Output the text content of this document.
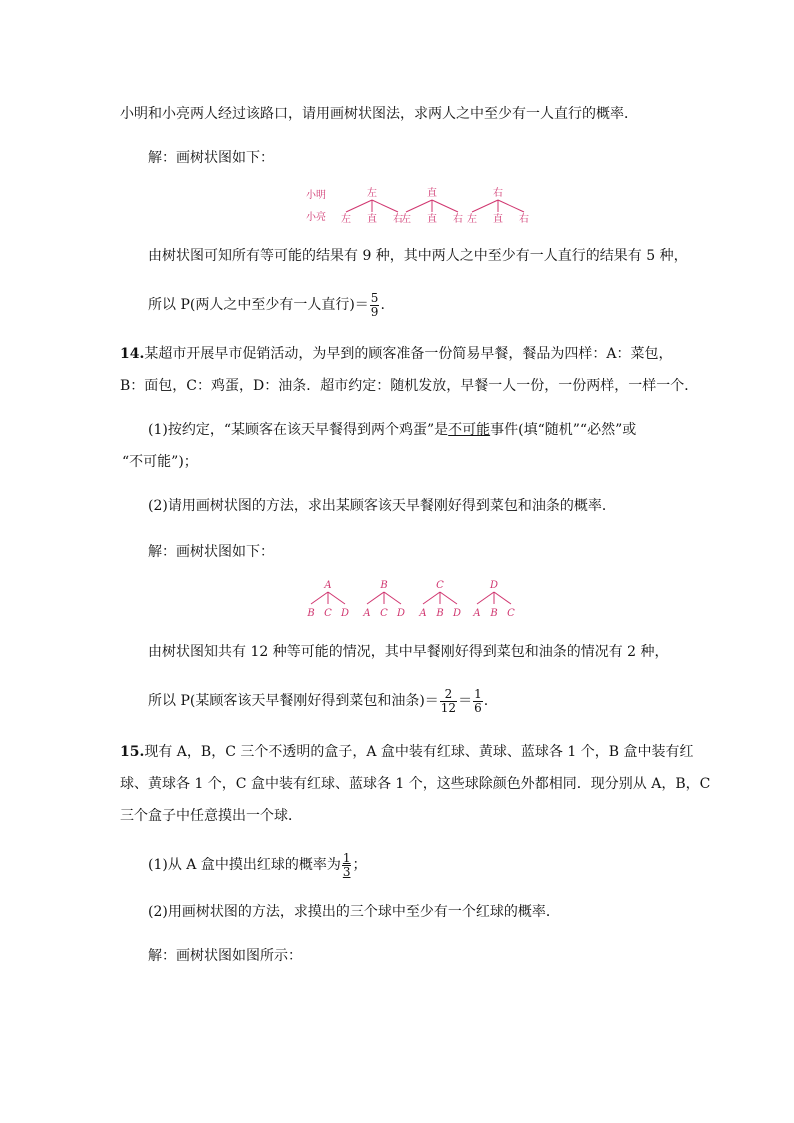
小明和小亮两人经过该路口，请用画树状图法，求两人之中至少有一人直行的概率．
解：画树状图如下：
小明
小亮
左
左 直 右
直
左 直 右
右
左 直 右
由树状图可知所有等可能的结果有 9 种，其中两人之中至少有一人直行的结果有 5 种，
所以 P(两人之中至少有一人直行)＝ $\frac{5}{9}$ .
14.某超市开展早市促销活动，为早到的顾客准备一份简易早餐，餐品为四样：A：菜包，
B：面包，C：鸡蛋，D：油条．超市约定：随机发放，早餐一人一份，一份两样，一样一个．
(1)按约定，“某顾客在该天早餐得到两个鸡蛋”是不可能事件(填“随机”“必然”或
“不可能”)；
(2)请用画树状图的方法，求出某顾客该天早餐刚好得到菜包和油条的概率．
解：画树状图如下：
A
B C D
B
A C D
C
A B D
D
A B C
由树状图知共有 12 种等可能的情况，其中早餐刚好得到菜包和油条的情况有 2 种，
所以 P(某顾客该天早餐刚好得到菜包和油条)＝ $\frac{2}{12} = \frac{1}{6}$ .
15.现有 A，B，C 三个不透明的盒子，A 盒中装有红球、黄球、蓝球各 1 个，B 盒中装有红
球、黄球各 1 个，C 盒中装有红球、蓝球各 1 个，这些球除颜色外都相同．现分别从 A，B，C
三个盒子中任意摸出一个球．
(1)从 A 盒中摸出红球的概率为 $\frac{1}{3}$ ；
(2)用画树状图的方法，求摸出的三个球中至少有一个红球的概率．
解：画树状图如图所示：
